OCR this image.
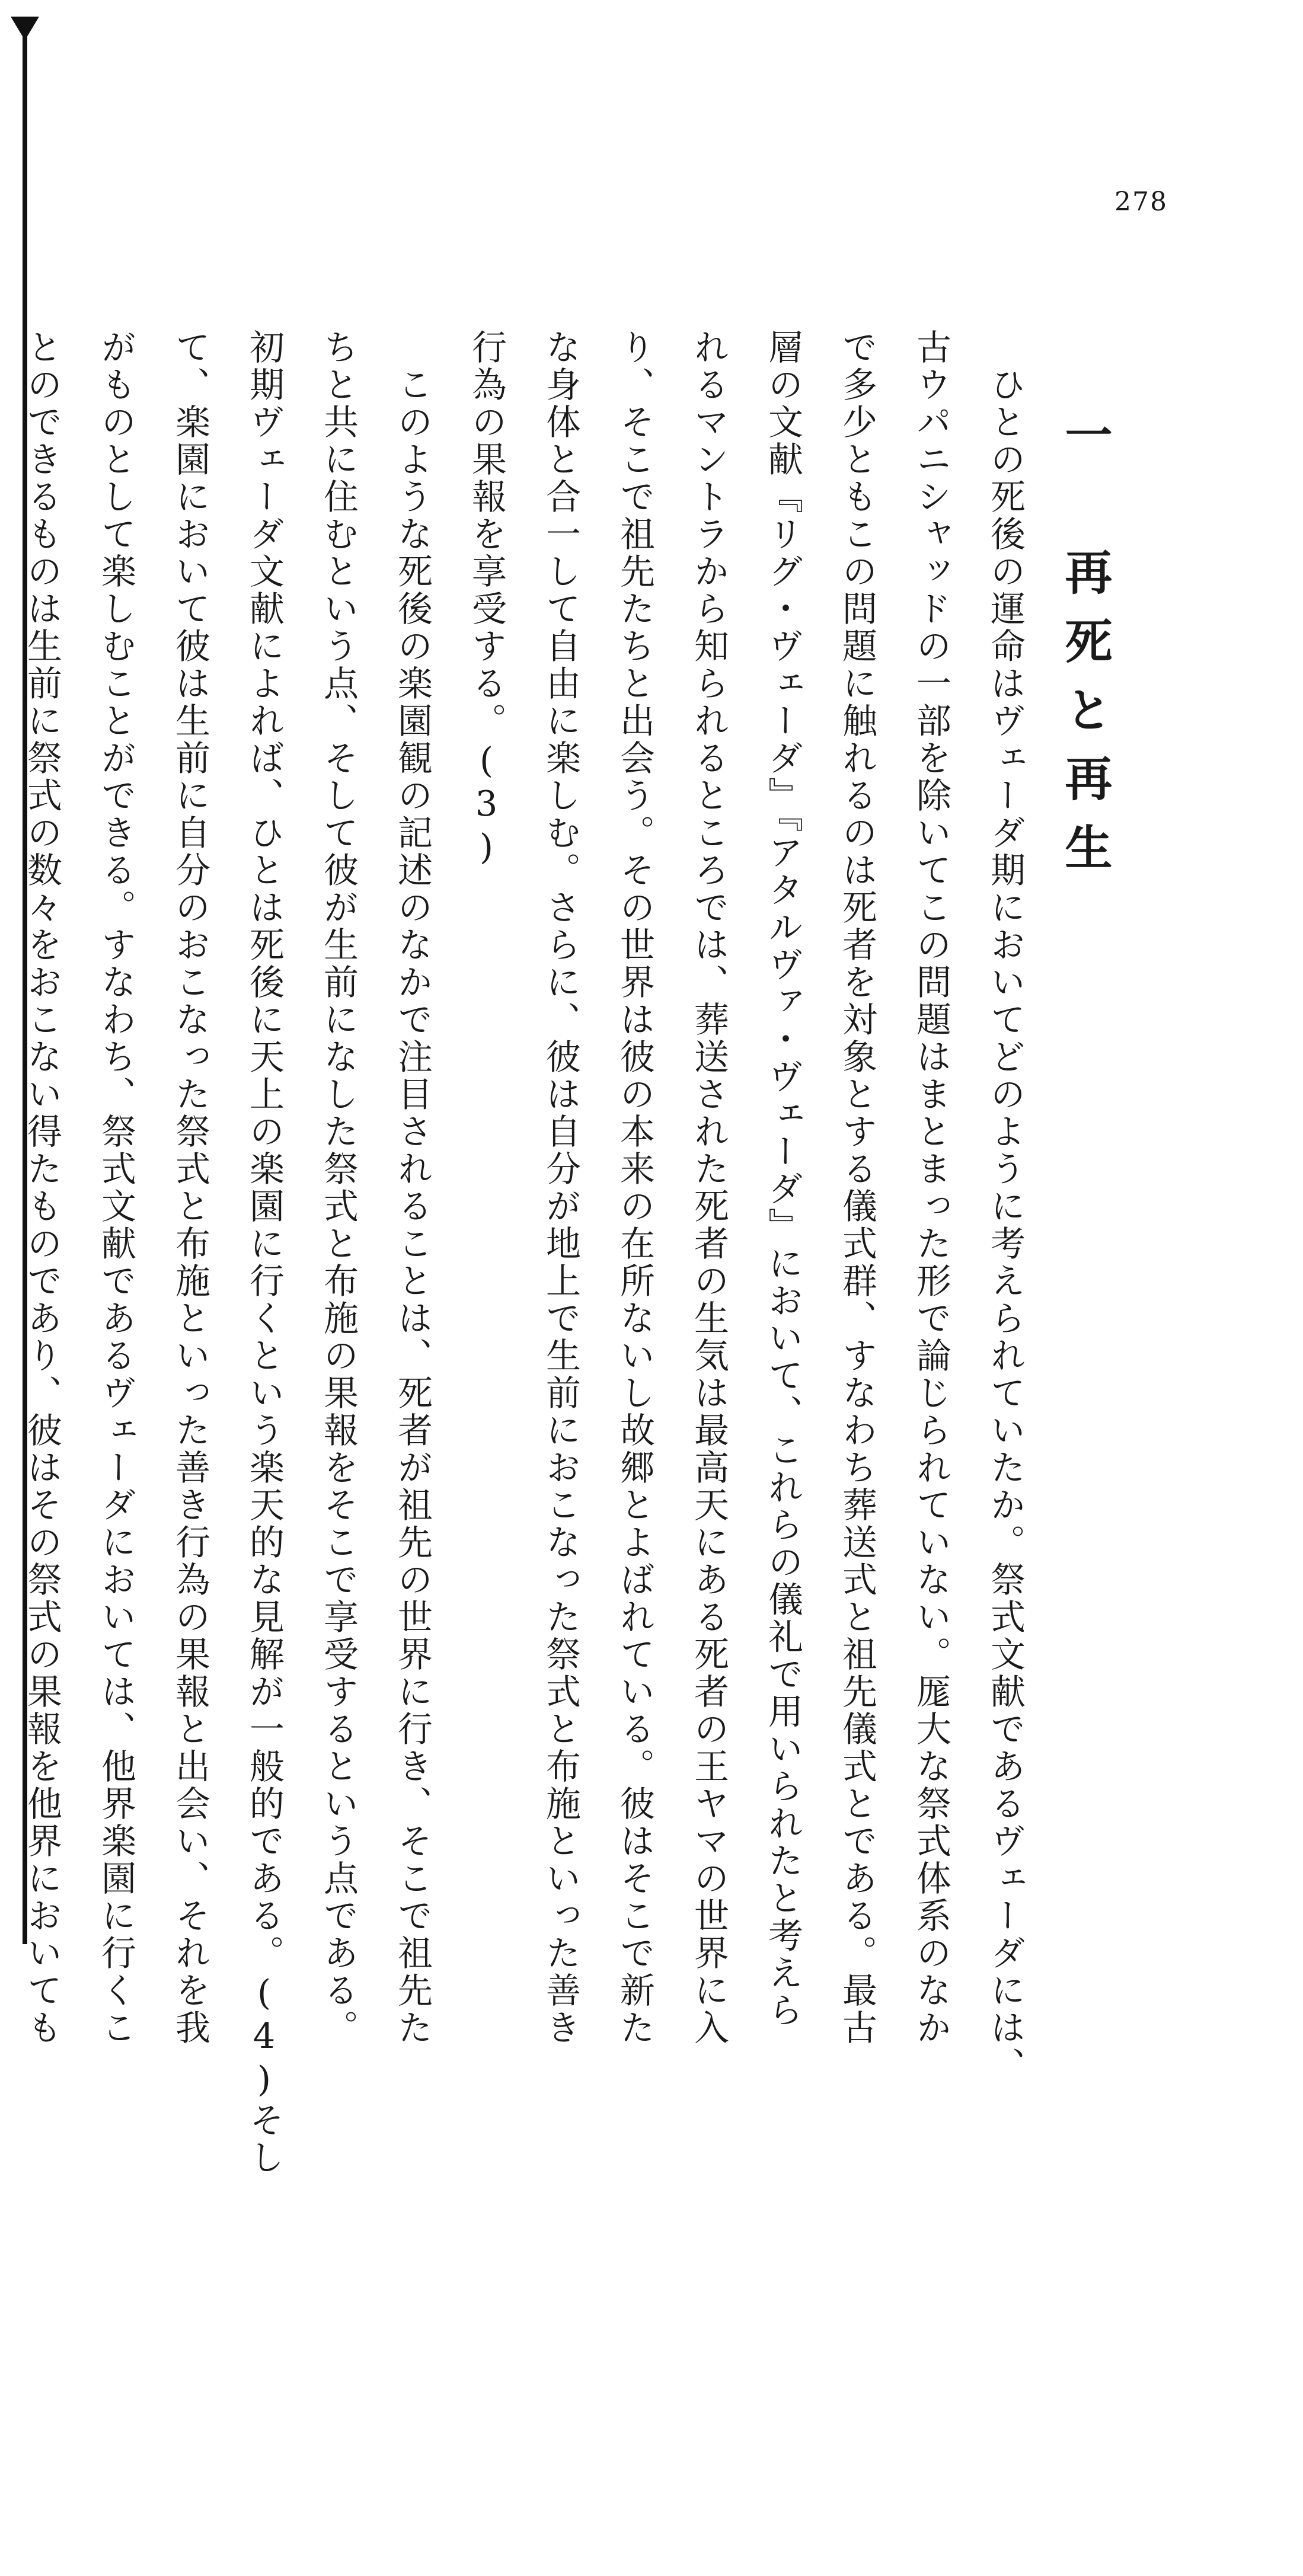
278
一　再死と再生
　ひとの死後の運命はヴェーダ期においてどのように考えられていたか。祭式文献であるヴェーダには、
古ウパニシャッドの一部を除いてこの問題はまとまった形で論じられていない。厖大な祭式体系のなか
で多少ともこの問題に触れるのは死者を対象とする儀式群、すなわち葬送式と祖先儀式とである。最古
層の文献『リグ・ヴェーダ』『アタルヴァ・ヴェーダ』において、これらの儀礼で用いられたと考えら
れるマントラから知られるところでは、葬送された死者の生気は最高天にある死者の王ヤマの世界に入
り、そこで祖先たちと出会う。その世界は彼の本来の在所ないし故郷とよばれている。彼はそこで新た
な身体と合一して自由に楽しむ。さらに、彼は自分が地上で生前におこなった祭式と布施といった善き
行為の果報を享受する。(3)
　このような死後の楽園観の記述のなかで注目されることは、死者が祖先の世界に行き、そこで祖先た
ちと共に住むという点、そして彼が生前になした祭式と布施の果報をそこで享受するという点である。
初期ヴェーダ文献によれば、ひとは死後に天上の楽園に行くという楽天的な見解が一般的である。(4)そし
て、楽園において彼は生前に自分のおこなった祭式と布施といった善き行為の果報と出会い、それを我
がものとして楽しむことができる。すなわち、祭式文献であるヴェーダにおいては、他界楽園に行くこ
とのできるものは生前に祭式の数々をおこない得たものであり、彼はその祭式の果報を他界においても
